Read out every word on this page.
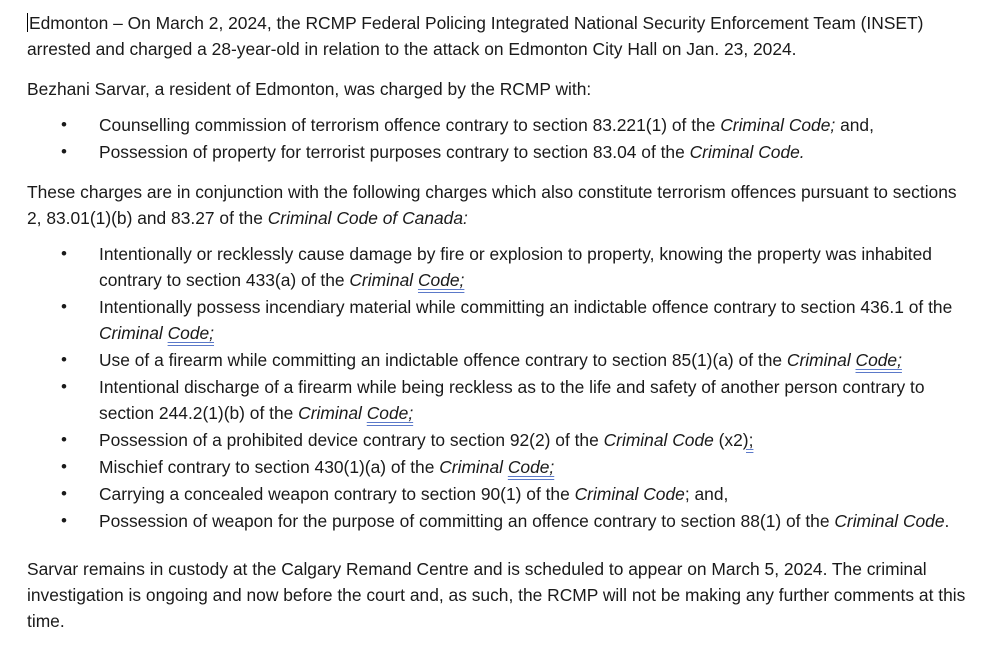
Edmonton – On March 2, 2024, the RCMP Federal Policing Integrated National Security Enforcement Team (INSET) arrested and charged a 28-year-old in relation to the attack on Edmonton City Hall on Jan. 23, 2024.

Bezhani Sarvar, a resident of Edmonton, was charged by the RCMP with:

• Counselling commission of terrorism offence contrary to section 83.221(1) of the Criminal Code; and,
• Possession of property for terrorist purposes contrary to section 83.04 of the Criminal Code.

These charges are in conjunction with the following charges which also constitute terrorism offences pursuant to sections 2, 83.01(1)(b) and 83.27 of the Criminal Code of Canada:

• Intentionally or recklessly cause damage by fire or explosion to property, knowing the property was inhabited contrary to section 433(a) of the Criminal Code;
• Intentionally possess incendiary material while committing an indictable offence contrary to section 436.1 of the Criminal Code;
• Use of a firearm while committing an indictable offence contrary to section 85(1)(a) of the Criminal Code;
• Intentional discharge of a firearm while being reckless as to the life and safety of another person contrary to section 244.2(1)(b) of the Criminal Code;
• Possession of a prohibited device contrary to section 92(2) of the Criminal Code (x2);
• Mischief contrary to section 430(1)(a) of the Criminal Code;
• Carrying a concealed weapon contrary to section 90(1) of the Criminal Code; and,
• Possession of weapon for the purpose of committing an offence contrary to section 88(1) of the Criminal Code.

Sarvar remains in custody at the Calgary Remand Centre and is scheduled to appear on March 5, 2024. The criminal investigation is ongoing and now before the court and, as such, the RCMP will not be making any further comments at this time.
